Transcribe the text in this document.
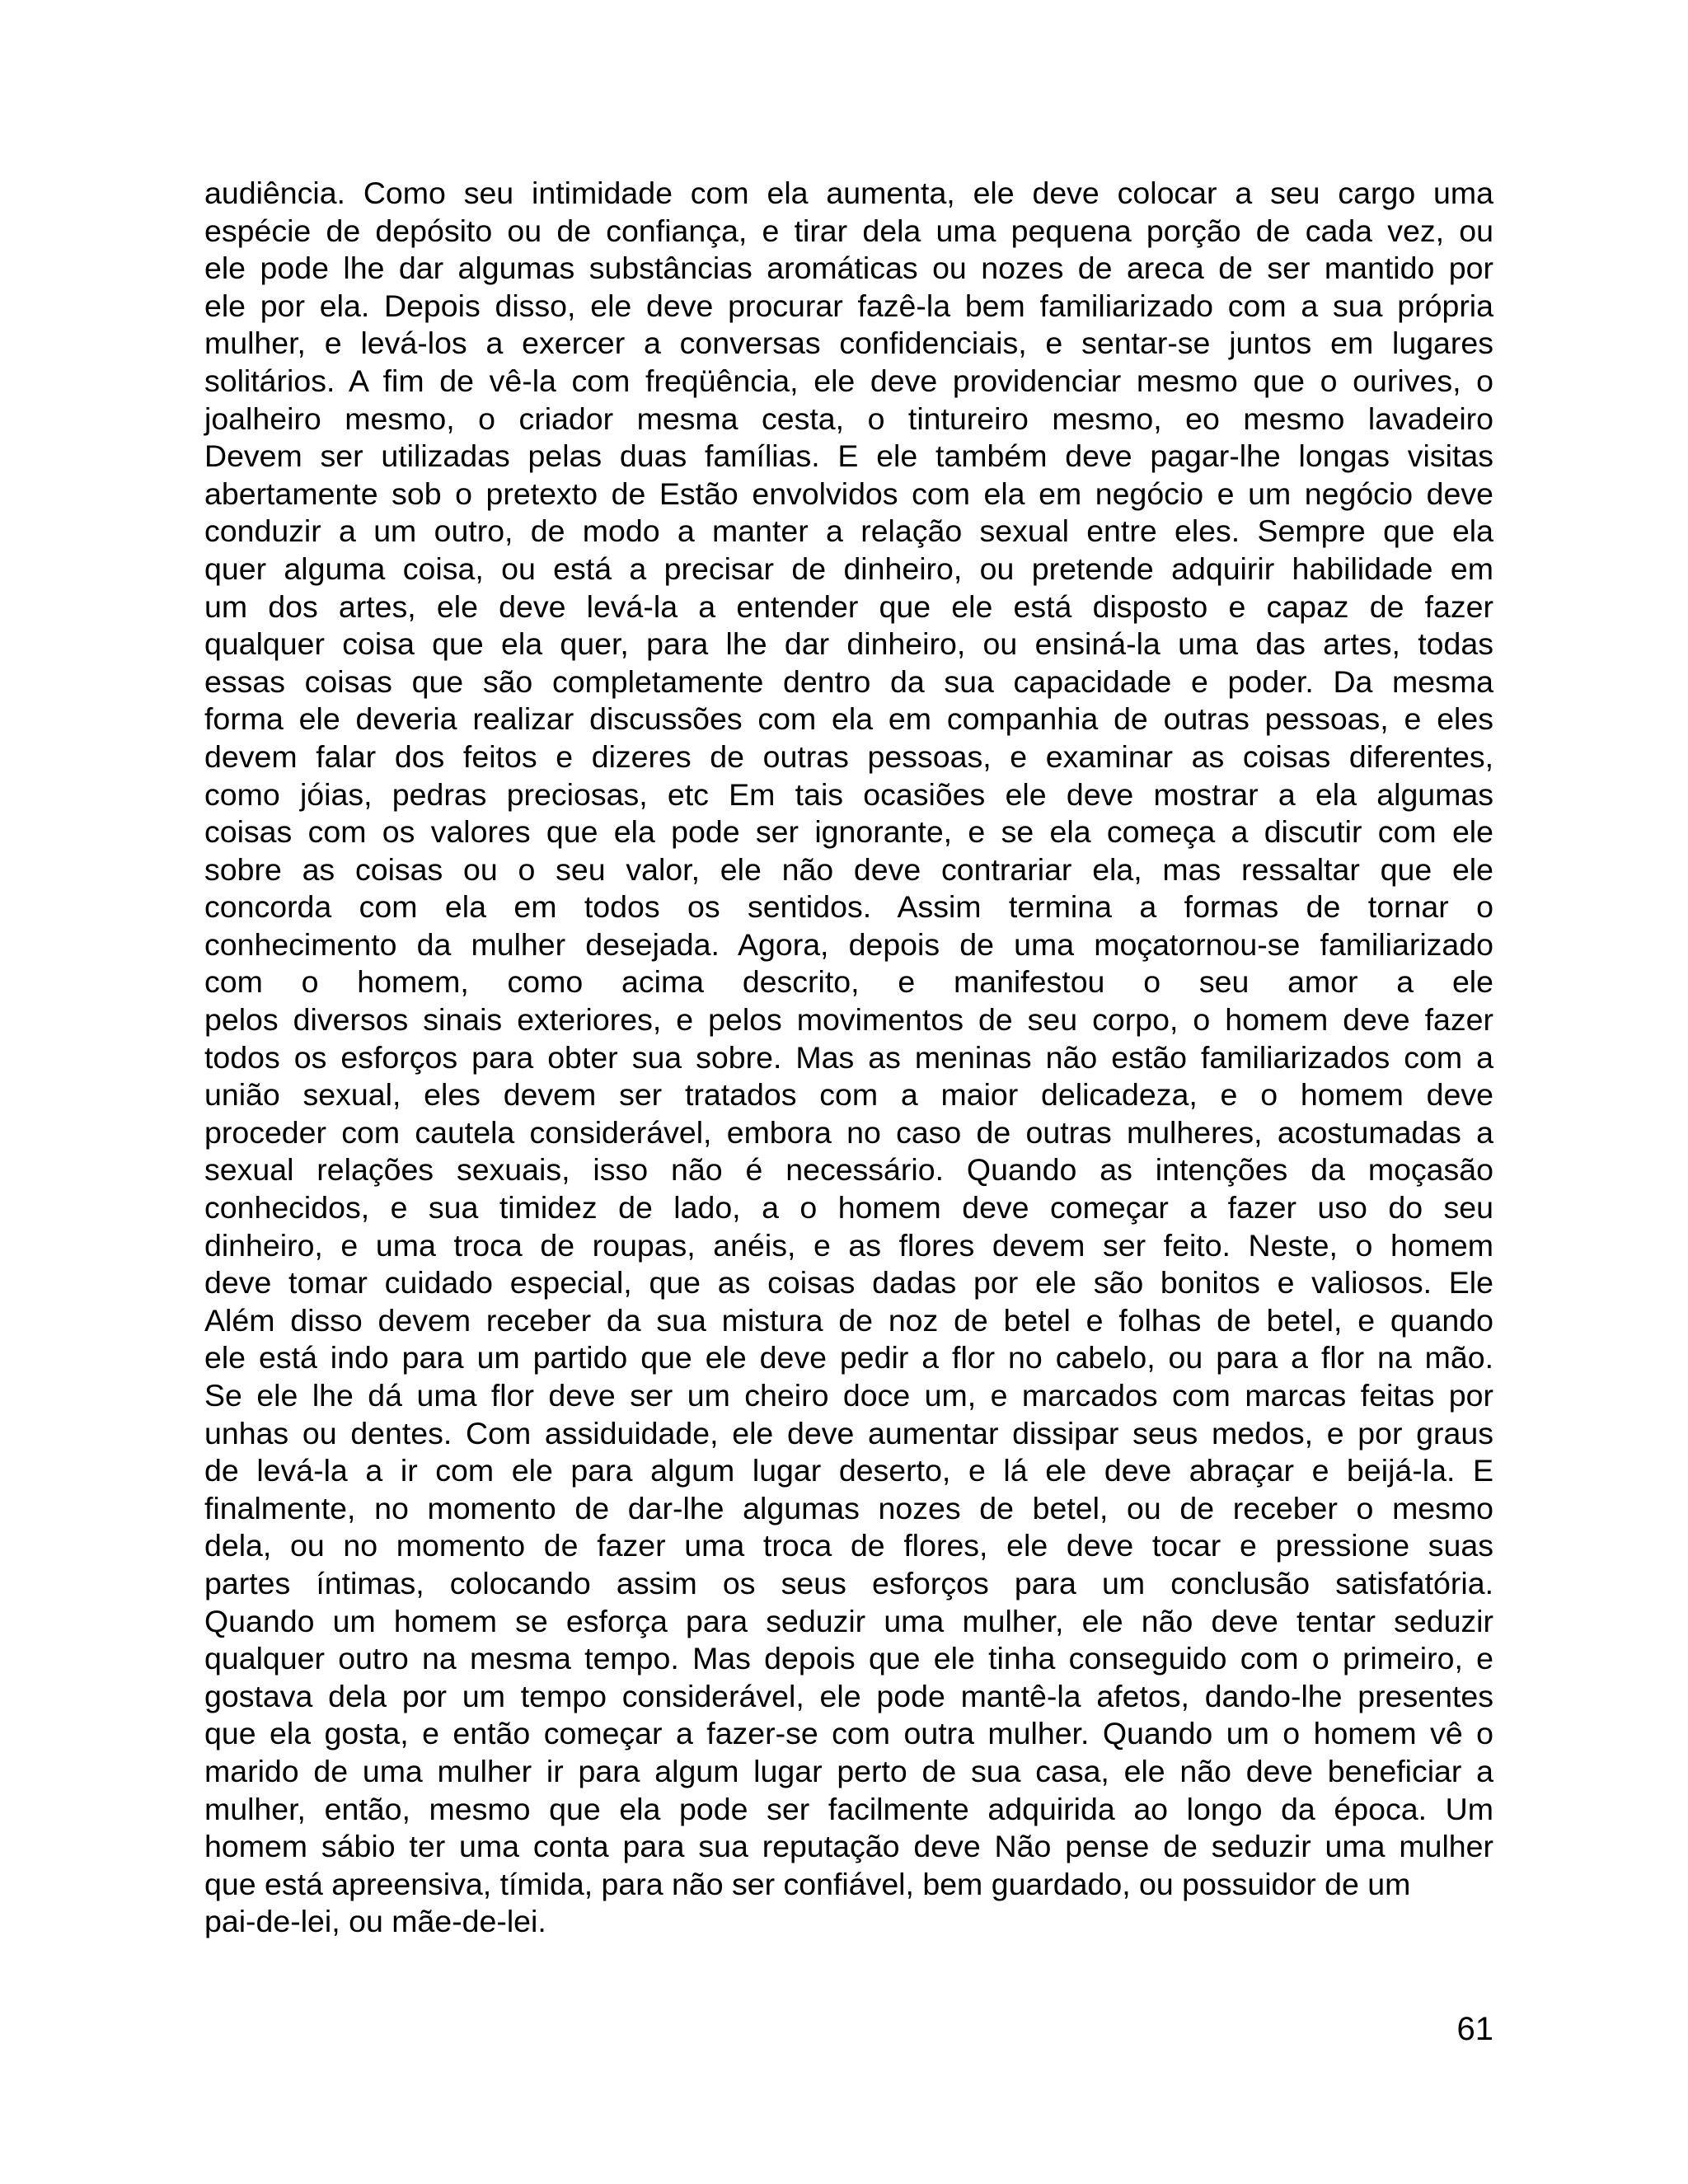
audiência. Como seu intimidade com ela aumenta, ele deve colocar a seu cargo uma
espécie de depósito ou de confiança, e tirar dela uma pequena porção de cada vez, ou
ele pode lhe dar algumas substâncias aromáticas ou nozes de areca de ser mantido por
ele por ela. Depois disso, ele deve procurar fazê-la bem familiarizado com a sua própria
mulher, e levá-los a exercer a conversas confidenciais, e sentar-se juntos em lugares
solitários. A fim de vê-la com freqüência, ele deve providenciar mesmo que o ourives, o
joalheiro mesmo, o criador mesma cesta, o tintureiro mesmo, eo mesmo lavadeiro
Devem ser utilizadas pelas duas famílias. E ele também deve pagar-lhe longas visitas
abertamente sob o pretexto de Estão envolvidos com ela em negócio e um negócio deve
conduzir a um outro, de modo a manter a relação sexual entre eles. Sempre que ela
quer alguma coisa, ou está a precisar de dinheiro, ou pretende adquirir habilidade em
um dos artes, ele deve levá-la a entender que ele está disposto e capaz de fazer
qualquer coisa que ela quer, para lhe dar dinheiro, ou ensiná-la uma das artes, todas
essas coisas que são completamente dentro da sua capacidade e poder. Da mesma
forma ele deveria realizar discussões com ela em companhia de outras pessoas, e eles
devem falar dos feitos e dizeres de outras pessoas, e examinar as coisas diferentes,
como jóias, pedras preciosas, etc Em tais ocasiões ele deve mostrar a ela algumas
coisas com os valores que ela pode ser ignorante, e se ela começa a discutir com ele
sobre as coisas ou o seu valor, ele não deve contrariar ela, mas ressaltar que ele
concorda com ela em todos os sentidos. Assim termina a formas de tornar o
conhecimento da mulher desejada. Agora, depois de uma moçatornou-se familiarizado
com o homem, como acima descrito, e manifestou o seu amor a ele
pelos diversos sinais exteriores, e pelos movimentos de seu corpo, o homem deve fazer
todos os esforços para obter sua sobre. Mas as meninas não estão familiarizados com a
união sexual, eles devem ser tratados com a maior delicadeza, e o homem deve
proceder com cautela considerável, embora no caso de outras mulheres, acostumadas a
sexual relações sexuais, isso não é necessário. Quando as intenções da moçasão
conhecidos, e sua timidez de lado, a o homem deve começar a fazer uso do seu
dinheiro, e uma troca de roupas, anéis, e as flores devem ser feito. Neste, o homem
deve tomar cuidado especial, que as coisas dadas por ele são bonitos e valiosos. Ele
Além disso devem receber da sua mistura de noz de betel e folhas de betel, e quando
ele está indo para um partido que ele deve pedir a flor no cabelo, ou para a flor na mão.
Se ele lhe dá uma flor deve ser um cheiro doce um, e marcados com marcas feitas por
unhas ou dentes. Com assiduidade, ele deve aumentar dissipar seus medos, e por graus
de levá-la a ir com ele para algum lugar deserto, e lá ele deve abraçar e beijá-la. E
finalmente, no momento de dar-lhe algumas nozes de betel, ou de receber o mesmo
dela, ou no momento de fazer uma troca de flores, ele deve tocar e pressione suas
partes íntimas, colocando assim os seus esforços para um conclusão satisfatória.
Quando um homem se esforça para seduzir uma mulher, ele não deve tentar seduzir
qualquer outro na mesma tempo. Mas depois que ele tinha conseguido com o primeiro, e
gostava dela por um tempo considerável, ele pode mantê-la afetos, dando-lhe presentes
que ela gosta, e então começar a fazer-se com outra mulher. Quando um o homem vê o
marido de uma mulher ir para algum lugar perto de sua casa, ele não deve beneficiar a
mulher, então, mesmo que ela pode ser facilmente adquirida ao longo da época. Um
homem sábio ter uma conta para sua reputação deve Não pense de seduzir uma mulher
que está apreensiva, tímida, para não ser confiável, bem guardado, ou possuidor de um
pai-de-lei, ou mãe-de-lei.
61
